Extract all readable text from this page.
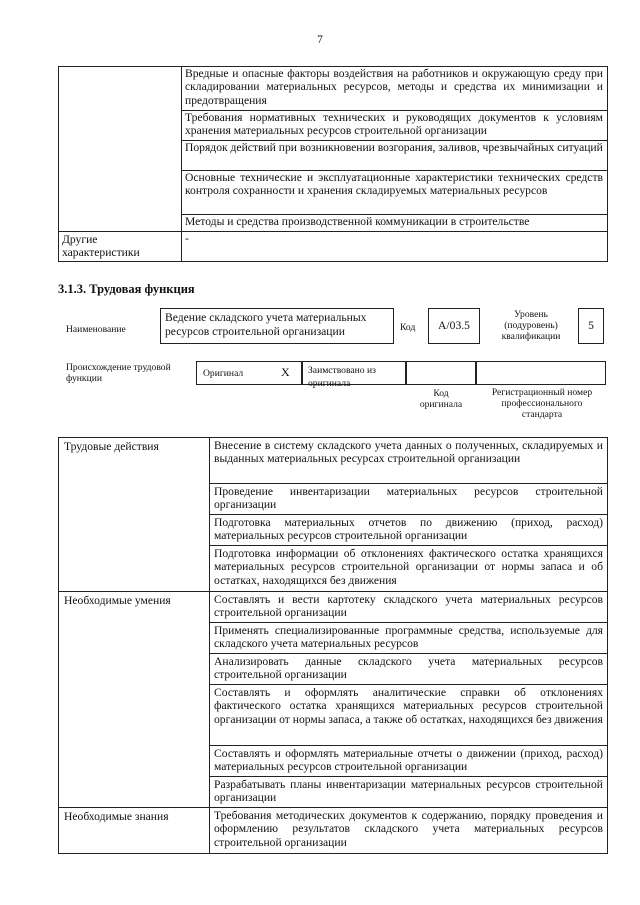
7
	Вредные и опасные факторы воздействия на работников и окружающую среду при складировании материальных ресурсов, методы и средства их минимизации и предотвращения
	Требования нормативных технических и руководящих документов к условиям хранения материальных ресурсов строительной организации
	Порядок действий при возникновении возгорания, заливов, чрезвычайных ситуаций
	Основные технические и эксплуатационные характеристики технических средств контроля сохранности и хранения складируемых материальных ресурсов
	Методы и средства производственной коммуникации в строительстве
Другие характеристики	-
3.1.3. Трудовая функция
Наименование
Ведение складского учета материальных ресурсов строительной организации	Код	А/03.5
Уровень (подуровень) квалификации
5
Происхождение трудовой функции	Оригинал	X	Заимствовано из оригинала
Код оригинала
Регистрационный номер профессионального стандарта
Трудовые действия	Внесение в систему складского учета данных о полученных, складируемых и выданных материальных ресурсах строительной организации
	Проведение инвентаризации материальных ресурсов строительной организации
	Подготовка материальных отчетов по движению (приход, расход) материальных ресурсов строительной организации
	Подготовка информации об отклонениях фактического остатка хранящихся материальных ресурсов строительной организации от нормы запаса и об остатках, находящихся без движения
Необходимые умения	Составлять и вести картотеку складского учета материальных ресурсов строительной организации
	Применять специализированные программные средства, используемые для складского учета материальных ресурсов
	Анализировать данные складского учета материальных ресурсов строительной организации
	Составлять и оформлять аналитические справки об отклонениях фактического остатка хранящихся материальных ресурсов строительной организации от нормы запаса, а также об остатках, находящихся без движения
	Составлять и оформлять материальные отчеты о движении (приход, расход) материальных ресурсов строительной организации
	Разрабатывать планы инвентаризации материальных ресурсов строительной организации
Необходимые знания	Требования методических документов к содержанию, порядку проведения и оформлению результатов складского учета материальных ресурсов строительной организации
